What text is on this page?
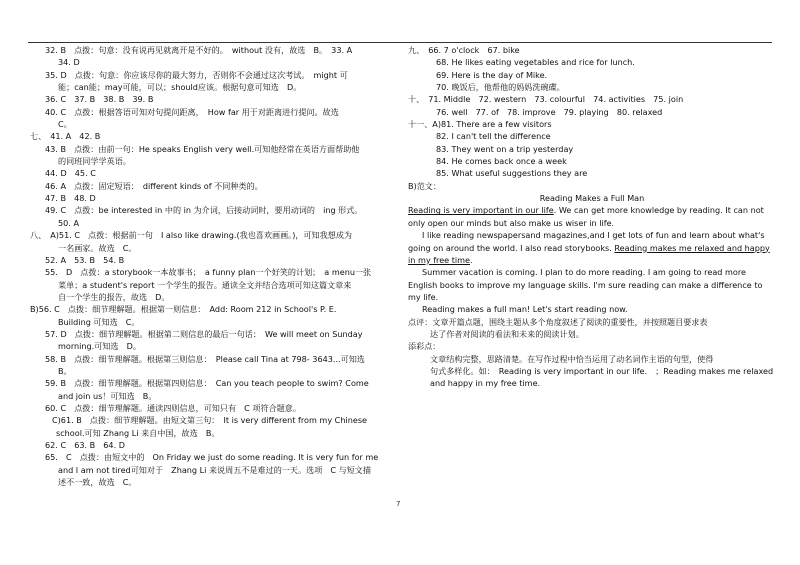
32. B　点拨：句意：没有说再见就离开是不好的。　without 没有，故选　B。　33. A
34. D
35. D　点拨：句意：你应该尽你的最大努力，否则你不会通过这次考试。　might 可
能；can能；may可能，可以；should应该。根据句意可知选　D。
36. C　37. B　38. B　39. B
40. C　点拨：根据答语可知对句提问距离，　How far 用于对距离进行提问。故选
C。
七、　41. A　42. B
43. B　点拨：由前一句：He speaks English very well.可知他经常在英语方面帮助他
的同班同学学英语。
44. D　45. C
46. A　点拨：固定短语：　different kinds of 不同种类的。
47. B　48. D
49. C　点拨：be interested in 中的 in 为介词，后接动词时，要用动词的　ing 形式。
50. A
八、　A)51. C　点拨：根据前一句　I also like drawing.(我也喜欢画画。)，可知我想成为
一名画家。故选　C。
52. A　53. B　54. B
55.　D　点拨：a storybook一本故事书；　a funny plan一个好笑的计划；　a menu一张
菜单；a student's report 一个学生的报告。通读全文并结合选项可知这篇文章来
自一个学生的报告，故选　D。
B)56. C　点拨：细节理解题。根据第一则信息：　Add: Room 212 in School's P. E.
Building 可知选　C。
57. D　点拨：细节理解题。根据第二则信息的最后一句话：　We will meet on Sunday
morning.可知选　D。
58. B　点拨：细节理解题。根据第三则信息：　Please call Tina at 798- 3643...可知选
B。
59. B　点拨：细节理解题。根据第四则信息：　Can you teach people to swim? Come
and join us！可知选　B。
60. C　点拨：细节理解题。通读四则信息，可知只有　C 项符合题意。
C)61. B　点拨：细节理解题。由短文第三句：　It is very different from my Chinese
school.可知 Zhang Li 来自中国，故选　B。
62. C　63. B　64. D
65.　C　点拨：由短文中的　On Friday we just do some reading. It is very fun for me
and I am not tired可知对于　Zhang Li 来说周五不是难过的一天。选项　C 与短文描
述不一致，故选　C。
九、　66. 7 o'clock　67. bike
68. He likes eating vegetables and rice for lunch.
69. Here is the day of Mike.
70. 晚饭后，他帮他的妈妈洗碗碟。
十、　71. Middle　72. western　73. colourful　74. activities　75. join
76. well　77. of　78. improve　79. playing　80. relaxed
十一、A)81. There are a few visitors
82. I can't tell the difference
83. They went on a trip yesterday
84. He comes back once a week
85. What useful suggestions they are
B)范文：
Reading Makes a Full Man
Reading is very important in our life. We can get more knowledge by reading. It can not only open our minds but also make us wiser in life.
I like reading newspapersand magazines,and I get lots of fun and learn about what's going on around the world. I also read storybooks. Reading makes me relaxed and happy in my free time.
Summer vacation is coming. I plan to do more reading. I am going to read more English books to improve my language skills. I'm sure reading can make a difference to my life.
Reading makes a full man! Let's start reading now.
点评：文章开篇点题，围绕主题从多个角度叙述了阅读的重要性，并按照题目要求表
达了作者对阅读的看法和未来的阅读计划。
添彩点：
文章结构完整，思路清楚。在写作过程中恰当运用了动名词作主语的句型，使得
句式多样化。如：　Reading is very important in our life.　；Reading makes me relaxed
and happy in my free time.
7
